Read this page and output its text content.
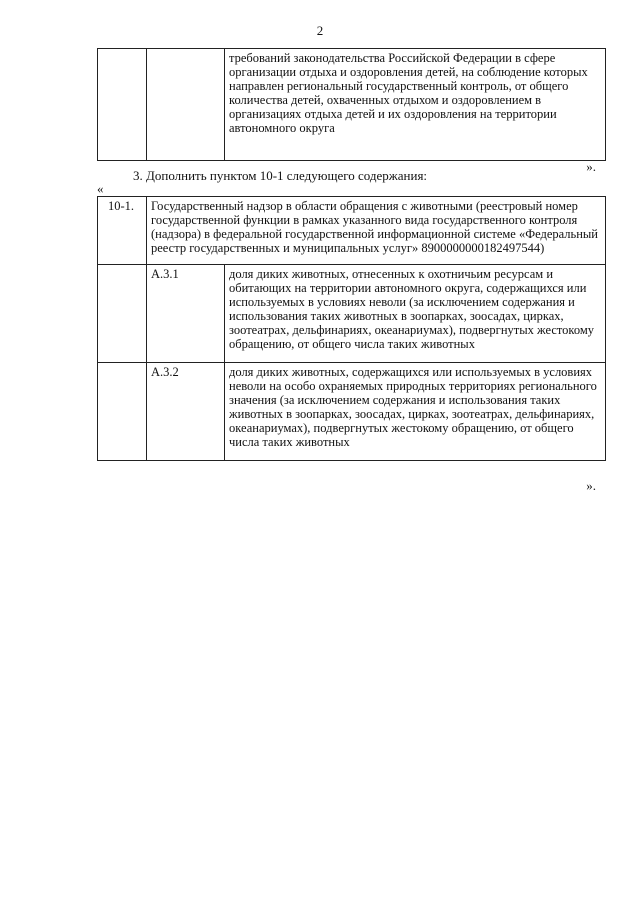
2

требований законодательства Российской Федерации в сфере организации отдыха и оздоровления детей, на соблюдение которых направлен региональный государственный контроль, от общего количества детей, охваченных отдыхом и оздоровлением в организациях отдыха детей и их оздоровления на территории автономного округа
».
3. Дополнить пунктом 10-1 следующего содержания:
«
10-1.	Государственный надзор в области обращения с животными (реестровый номер государственной функции в рамках указанного вида государственного контроля (надзора) в федеральной государственной информационной системе «Федеральный реестр государственных и муниципальных услуг» 8900000000182497544)	

	А.3.1	доля диких животных, отнесенных к охотничьим ресурсам и обитающих на территории автономного округа, содержащихся или используемых в условиях неволи (за исключением содержания и использования таких животных в зоопарках, зоосадах, цирках, зоотеатрах, дельфинариях, океанариумах), подвергнутых жестокому обращению, от общего числа таких животных

	А.3.2	доля диких животных, содержащихся или используемых в условиях неволи на особо охраняемых природных территориях регионального значения (за исключением содержания и использования таких животных в зоопарках, зоосадах, цирках, зоотеатрах, дельфинариях, океанариумах), подвергнутых жестокому обращению, от общего числа таких животных
».
